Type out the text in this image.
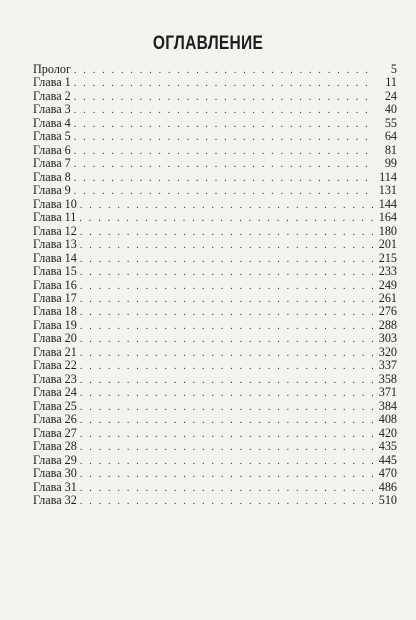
ОГЛАВЛЕНИЕ
Пролог . . .	5
Глава 1 . . .	11
Глава 2 . . .	24
Глава 3 . . .	40
Глава 4 . . .	55
Глава 5 . . .	64
Глава 6 . . .	81
Глава 7 . . .	99
Глава 8 . . .	114
Глава 9 . . .	131
Глава 10 . . .	144
Глава 11 . . .	164
Глава 12 . . .	180
Глава 13 . . .	201
Глава 14 . . .	215
Глава 15 . . .	233
Глава 16 . . .	249
Глава 17 . . .	261
Глава 18 . . .	276
Глава 19 . . .	288
Глава 20 . . .	303
Глава 21 . . .	320
Глава 22 . . .	337
Глава 23 . . .	358
Глава 24 . . .	371
Глава 25 . . .	384
Глава 26 . . .	408
Глава 27 . . .	420
Глава 28 . . .	435
Глава 29 . . .	445
Глава 30 . . .	470
Глава 31 . . .	486
Глава 32 . . .	510
